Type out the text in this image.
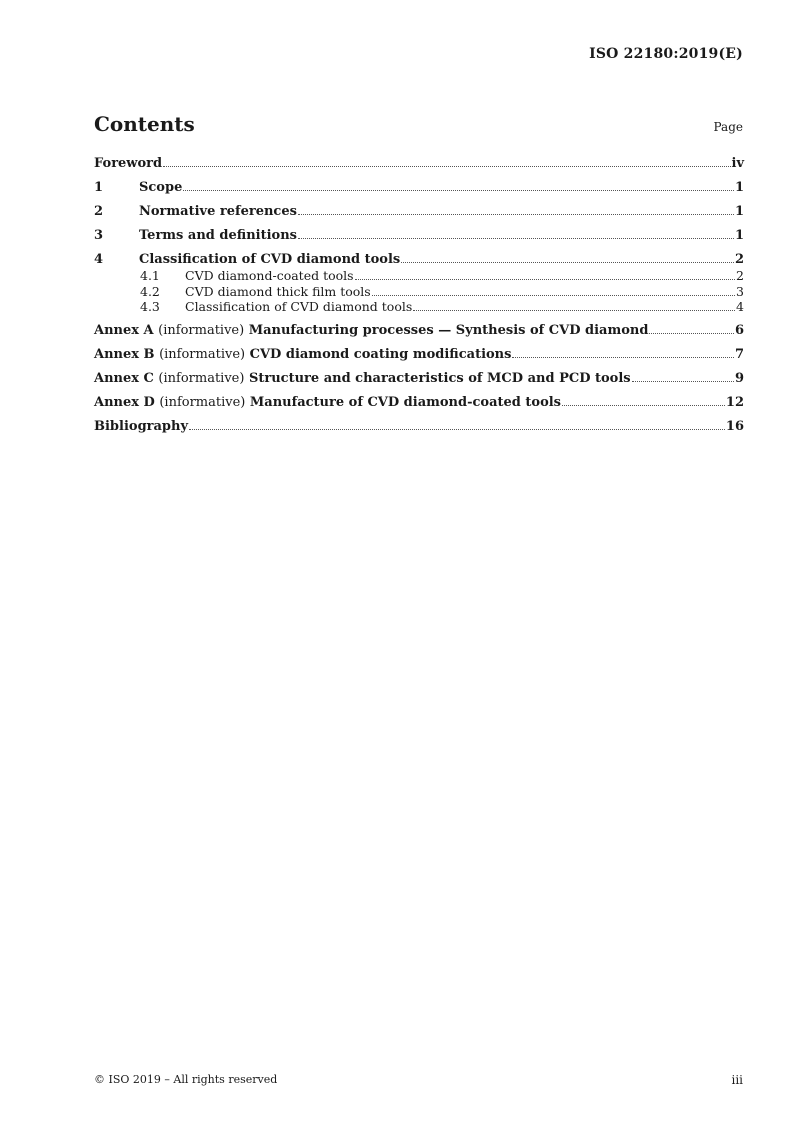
ISO 22180:2019(E)
Contents	Page
Foreword	iv
1	Scope	1
2	Normative references	1
3	Terms and definitions	1
4	Classification of CVD diamond tools	2
4.1	CVD diamond-coated tools	2
4.2	CVD diamond thick film tools	3
4.3	Classification of CVD diamond tools	4
Annex A (informative) Manufacturing processes — Synthesis of CVD diamond	6
Annex B (informative) CVD diamond coating modifications	7
Annex C (informative) Structure and characteristics of MCD and PCD tools	9
Annex D (informative) Manufacture of CVD diamond-coated tools	12
Bibliography	16
© ISO 2019 – All rights reserved	iii
